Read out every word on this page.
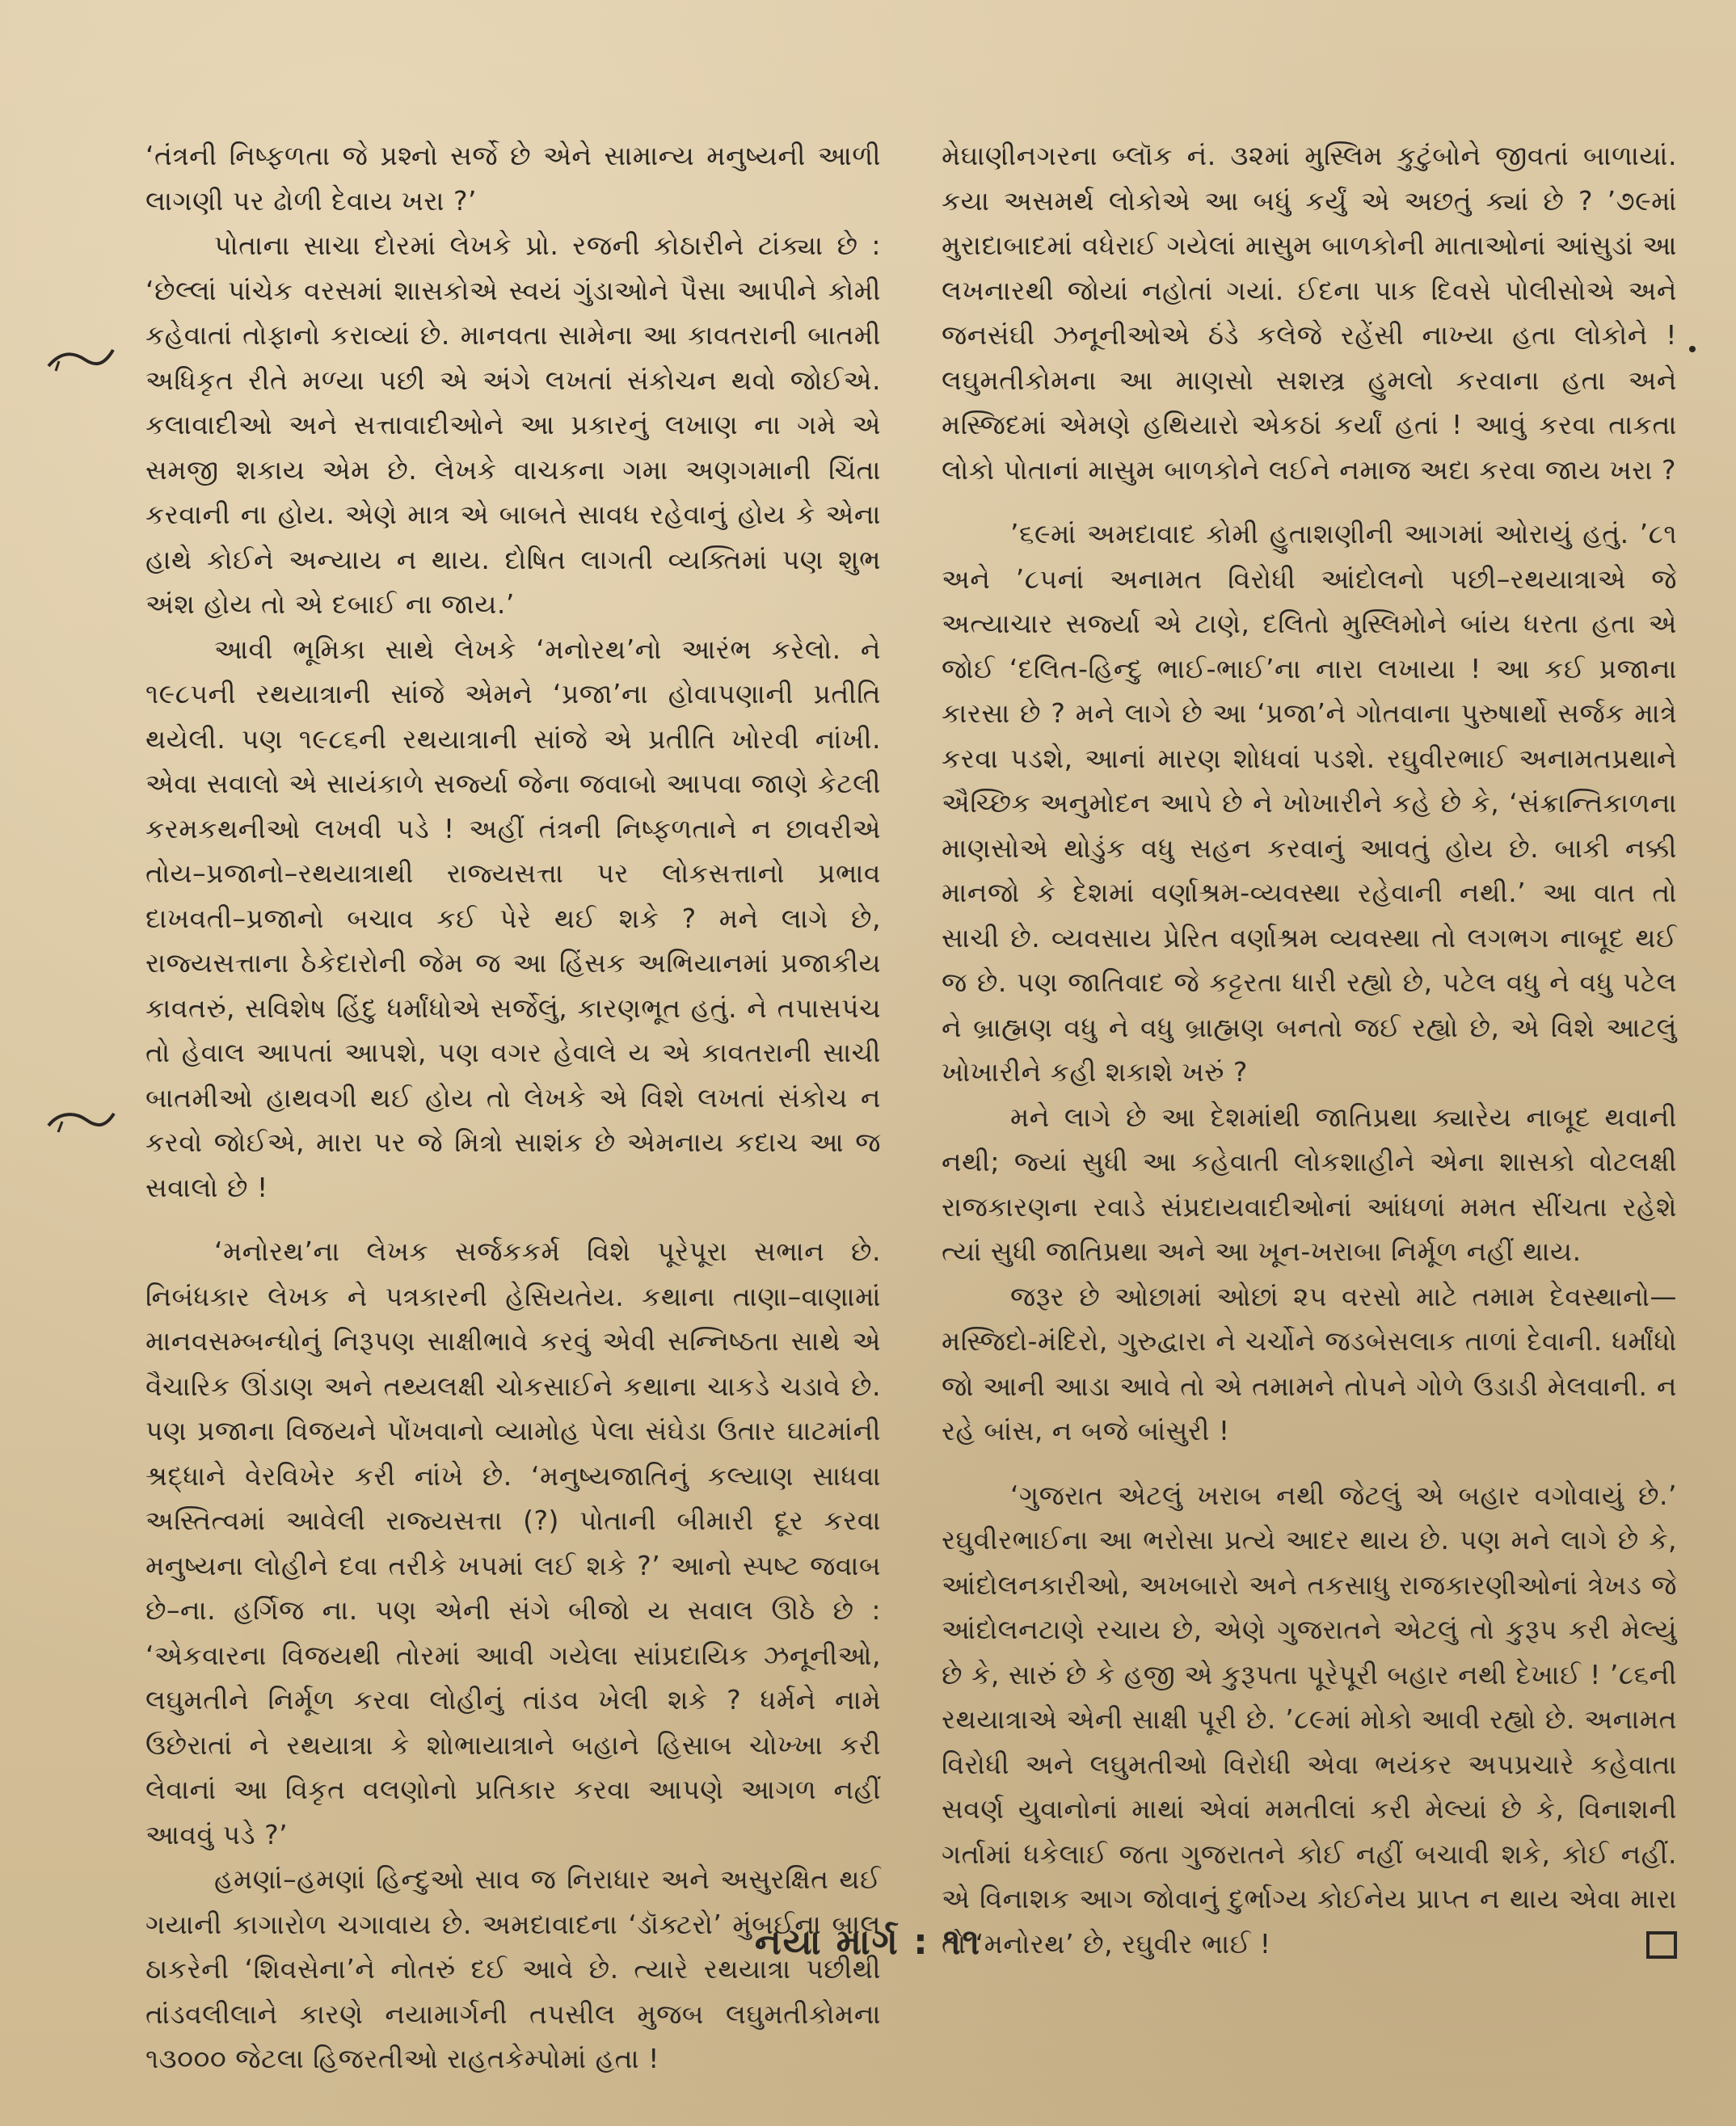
‘તંત્રની નિષ્ફળતા જે પ્રશ્નો સર્જે છે એને સામાન્ય મનુષ્યની આળી લાગણી પર ઢોળી દેવાય ખરા ?’

પોતાના સાચા દોરમાં લેખકે પ્રો. રજની કોઠારીને ટાંક્યા છે : ‘છેલ્લાં પાંચેક વરસમાં શાસકોએ સ્વયં ગુંડાઓને પૈસા આપીને કોમી કહેવાતાં તોફાનો કરાવ્યાં છે. માનવતા સામેના આ કાવતરાની બાતમી અધિકૃત રીતે મળ્યા પછી એ અંગે લખતાં સંકોચન થવો જોઈએ. કલાવાદીઓ અને સત્તાવાદીઓને આ પ્રકારનું લખાણ ના ગમે એ સમજી શકાય એમ છે. લેખકે વાચકના ગમા અણગમાની ચિંતા કરવાની ના હોય. એણે માત્ર એ બાબતે સાવધ રહેવાનું હોય કે એના હાથે કોઈને અન્યાય ન થાય. દોષિત લાગતી વ્યક્તિમાં પણ શુભ અંશ હોય તો એ દબાઈ ના જાય.’

આવી ભૂમિકા સાથે લેખકે ‘મનોરથ’નો આરંભ કરેલો. ને ૧૯૮૫ની રથયાત્રાની સાંજે એમને ‘પ્રજા’ના હોવાપણાની પ્રતીતિ થયેલી. પણ ૧૯૮૬ની રથયાત્રાની સાંજે એ પ્રતીતિ ખોરવી નાંખી. એવા સવાલો એ સાયંકાળે સર્જ્યા જેના જવાબો આપવા જાણે કેટલી કરમકથનીઓ લખવી પડે ! અહીં તંત્રની નિષ્ફળતાને ન છાવરીએ તોય–પ્રજાનો–રથયાત્રાથી રાજ્યસત્તા પર લોકસત્તાનો પ્રભાવ દાખવતી–પ્રજાનો બચાવ કઈ પેરે થઈ શકે ? મને લાગે છે, રાજ્યસત્તાના ઠેકેદારોની જેમ જ આ હિંસક અભિયાનમાં પ્રજાકીય કાવતરું, સવિશેષ હિંદુ ધર્માંધોએ સર્જેલું, કારણભૂત હતું. ને તપાસપંચ તો હેવાલ આપતાં આપશે, પણ વગર હેવાલે ય એ કાવતરાની સાચી બાતમીઓ હાથવગી થઈ હોય તો લેખકે એ વિશે લખતાં સંકોચ ન કરવો જોઈએ, મારા પર જે મિત્રો સાશંક છે એમનાય કદાચ આ જ સવાલો છે !

‘મનોરથ’ના લેખક સર્જકકર્મ વિશે પૂરેપૂરા સભાન છે. નિબંધકાર લેખક ને પત્રકારની હેસિયતેય. કથાના તાણા–વાણામાં માનવસમ્બન્ધોનું નિરૂપણ સાક્ષીભાવે કરવું એવી સન્નિષ્ઠતા સાથે એ વૈચારિક ઊંડાણ અને તથ્યલક્ષી ચોકસાઈને કથાના ચાકડે ચડાવે છે. પણ પ્રજાના વિજયને પોંખવાનો વ્યામોહ પેલા સંઘેડા ઉતાર ઘાટમાંની શ્રદ્ધાને વેરવિખેર કરી નાંખે છે. ‘મનુષ્યજાતિનું કલ્યાણ સાધવા અસ્તિત્વમાં આવેલી રાજ્યસત્તા (?) પોતાની બીમારી દૂર કરવા મનુષ્યના લોહીને દવા તરીકે ખપમાં લઈ શકે ?’ આનો સ્પષ્ટ જવાબ છે–ના. હર્ગિજ ના. પણ એની સંગે બીજો ય સવાલ ઊઠે છે : ‘એકવારના વિજયથી તોરમાં આવી ગયેલા સાંપ્રદાયિક ઝનૂનીઓ, લઘુમતીને નિર્મૂળ કરવા લોહીનું તાંડવ ખેલી શકે ? ધર્મને નામે ઉછેરાતાં ને રથયાત્રા કે શોભાયાત્રાને બહાને હિસાબ ચોખ્ખા કરી લેવાનાં આ વિકૃત વલણોનો પ્રતિકાર કરવા આપણે આગળ નહીં આવવું પડે ?’

હમણાં–હમણાં હિન્દુઓ સાવ જ નિરાધાર અને અસુરક્ષિત થઈ ગયાની કાગારોળ ચગાવાય છે. અમદાવાદના ‘ડૉક્ટરો’ મુંબઈના બાલ ઠાકરેની ‘શિવસેના’ને નોતરું દઈ આવે છે. ત્યારે રથયાત્રા પછીથી તાંડવલીલાને કારણે નયામાર્ગની તપસીલ મુજબ લઘુમતીકોમના ૧૩૦૦૦ જેટલા હિજરતીઓ રાહતકેમ્પોમાં હતા !

મેઘાણીનગરના બ્લૉક નં. ૩૨માં મુસ્લિમ કુટુંબોને જીવતાં બાળાયાં. કયા અસમર્થ લોકોએ આ બધું કર્યું એ અછતું ક્યાં છે ? ’૭૯માં મુરાદાબાદમાં વધેરાઈ ગયેલાં માસુમ બાળકોની માતાઓનાં આંસુડાં આ લખનારથી જોયાં નહોતાં ગયાં. ઈદના પાક દિવસે પોલીસોએ અને જનસંઘી ઝનૂનીઓએ ઠંડે કલેજે રહેંસી નાખ્યા હતા લોકોને ! લઘુમતીકોમના આ માણસો સશસ્ત્ર હુમલો કરવાના હતા અને મસ્જિદમાં એમણે હથિયારો એકઠાં કર્યાં હતાં ! આવું કરવા તાકતા લોકો પોતાનાં માસુમ બાળકોને લઈને નમાજ અદા કરવા જાય ખરા ?

’૬૯માં અમદાવાદ કોમી હુતાશણીની આગમાં ઓરાયું હતું. ’૮૧ અને ’૮૫નાં અનામત વિરોધી આંદોલનો પછી–રથયાત્રાએ જે અત્યાચાર સર્જ્યા એ ટાણે, દલિતો મુસ્લિમોને બાંય ધરતા હતા એ જોઈ ‘દલિત-હિન્દુ ભાઈ-ભાઈ’ના નારા લખાયા ! આ કઈ પ્રજાના કારસા છે ? મને લાગે છે આ ‘પ્રજા’ને ગોતવાના પુરુષાર્થો સર્જક માત્રે કરવા પડશે, આનાં મારણ શોધવાં પડશે. રઘુવીરભાઈ અનામતપ્રથાને ઐચ્છિક અનુમોદન આપે છે ને ખોખારીને કહે છે કે, ‘સંક્રાન્તિકાળના માણસોએ થોડુંક વધુ સહન કરવાનું આવતું હોય છે. બાકી નક્કી માનજો કે દેશમાં વર્ણાશ્રમ-વ્યવસ્થા રહેવાની નથી.’ આ વાત તો સાચી છે. વ્યવસાય પ્રેરિત વર્ણાશ્રમ વ્યવસ્થા તો લગભગ નાબૂદ થઈ જ છે. પણ જાતિવાદ જે કટ્ટરતા ધારી રહ્યો છે, પટેલ વધુ ને વધુ પટેલ ને બ્રાહ્મણ વધુ ને વધુ બ્રાહ્મણ બનતો જઈ રહ્યો છે, એ વિશે આટલું ખોખારીને કહી શકાશે ખરું ?

મને લાગે છે આ દેશમાંથી જાતિપ્રથા ક્યારેય નાબૂદ થવાની નથી; જ્યાં સુધી આ કહેવાતી લોકશાહીને એના શાસકો વોટલક્ષી રાજકારણના રવાડે સંપ્રદાયવાદીઓનાં આંધળાં મમત સીંચતા રહેશે ત્યાં સુધી જાતિપ્રથા અને આ ખૂન-ખરાબા નિર્મૂળ નહીં થાય.

જરૂર છે ઓછામાં ઓછાં ૨૫ વરસો માટે તમામ દેવસ્થાનો—મસ્જિદો-મંદિરો, ગુરુદ્વારા ને ચર્ચોને જડબેસલાક તાળાં દેવાની. ધર્માંધો જો આની આડા આવે તો એ તમામને તોપને ગોળે ઉડાડી મેલવાની. ન રહે બાંસ, ન બજે બાંસુરી !

‘ગુજરાત એટલું ખરાબ નથી જેટલું એ બહાર વગોવાયું છે.’ રઘુવીરભાઈના આ ભરોસા પ્રત્યે આદર થાય છે. પણ મને લાગે છે કે, આંદોલનકારીઓ, અખબારો અને તકસાધુ રાજકારણીઓનાં ત્રેખડ જે આંદોલનટાણે રચાય છે, એણે ગુજરાતને એટલું તો કુરૂપ કરી મેલ્યું છે કે, સારું છે કે હજી એ કુરૂપતા પૂરેપૂરી બહાર નથી દેખાઈ ! ’૮૬ની રથયાત્રાએ એની સાક્ષી પૂરી છે. ’૮૯માં મોકો આવી રહ્યો છે. અનામત વિરોધી અને લઘુમતીઓ વિરોધી એવા ભયંકર અપપ્રચારે કહેવાતા સવર્ણ યુવાનોનાં માથાં એવાં મમતીલાં કરી મેલ્યાં છે કે, વિનાશની ગર્તામાં ધકેલાઈ જતા ગુજરાતને કોઈ નહીં બચાવી શકે, કોઈ નહીં. એ વિનાશક આગ જોવાનું દુર્ભાગ્ય કોઈનેય પ્રાપ્ત ન થાય એવા મારા તો ‘મનોરથ’ છે, રઘુવીર ભાઈ !

નયા માર્ગ : ૧૧
